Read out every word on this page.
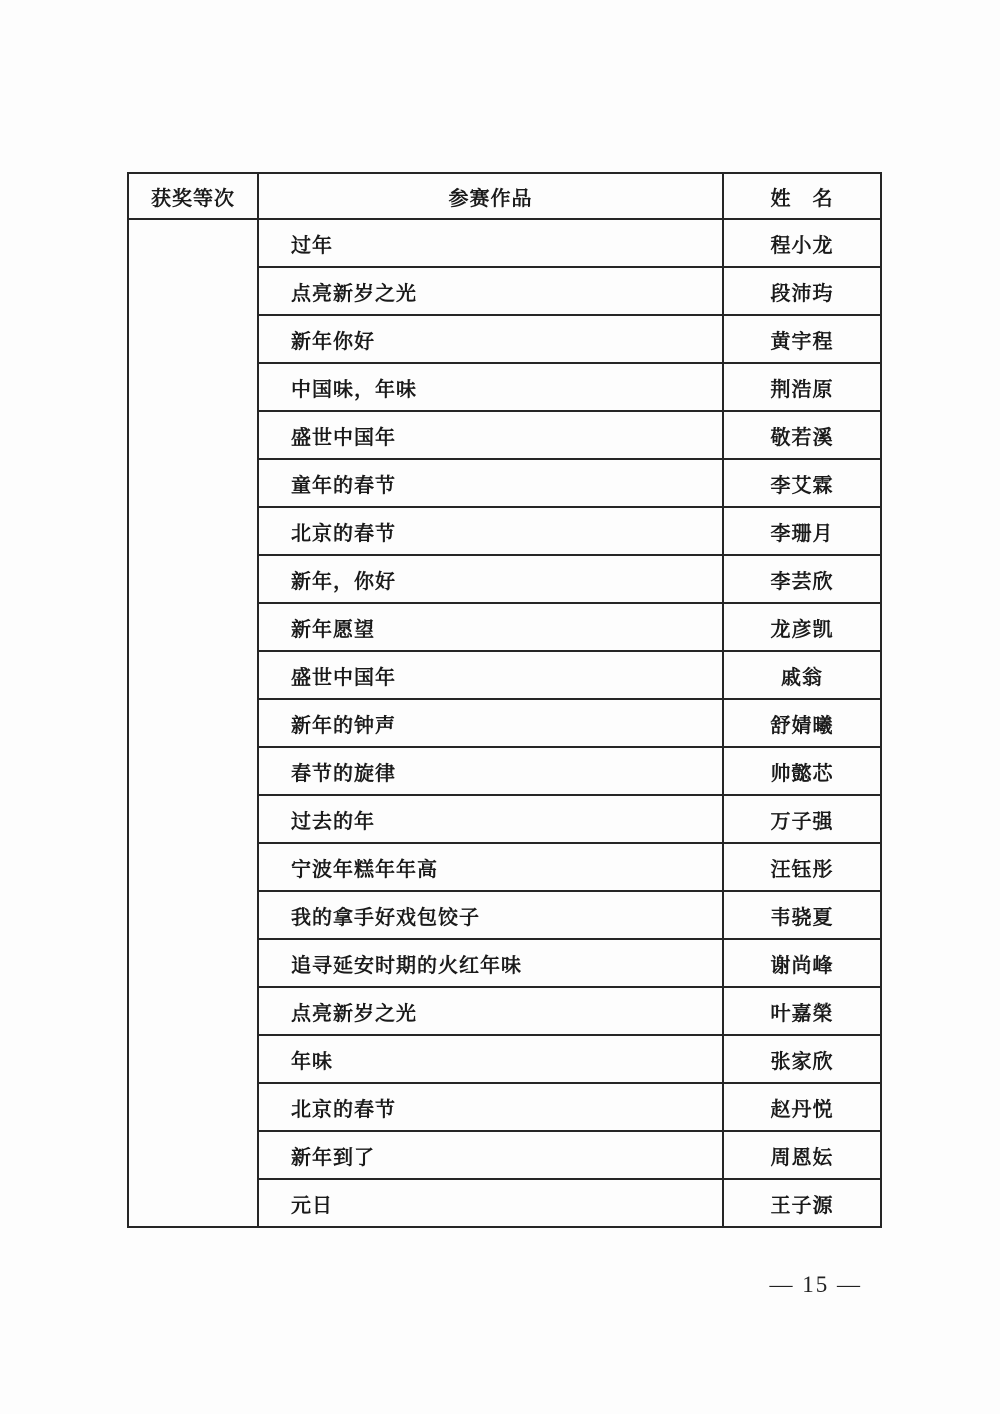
获奖等次	参赛作品	姓　名
	过年	程小龙
	点亮新岁之光	段沛玙
	新年你好	黄宇程
	中国味，年味	荆浩原
	盛世中国年	敬若溪
	童年的春节	李艾霖
	北京的春节	李珊月
	新年，你好	李芸欣
	新年愿望	龙彦凯
	盛世中国年	戚翁
	新年的钟声	舒婧曦
	春节的旋律	帅懿芯
	过去的年	万子强
	宁波年糕年年高	汪钰彤
	我的拿手好戏包饺子	韦骁夏
	追寻延安时期的火红年味	谢尚峰
	点亮新岁之光	叶嘉榮
	年味	张家欣
	北京的春节	赵丹悦
	新年到了	周恩妘
	元日	王子源
— 15 —
